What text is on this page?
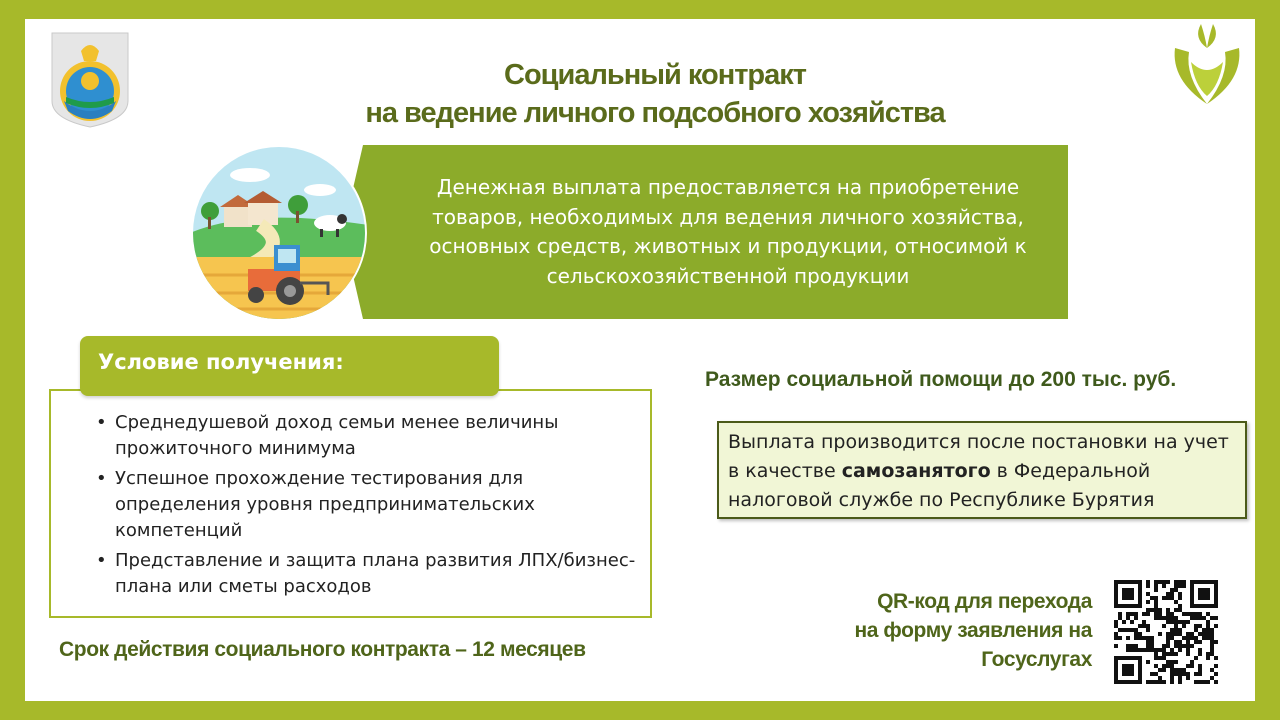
Социальный контракт
на ведение личного подсобного хозяйства
Денежная выплата предоставляется на приобретение товаров, необходимых для ведения личного хозяйства, основных средств, животных и продукции, относимой к сельскохозяйственной продукции
Условие получения:
• Среднедушевой доход семьи менее величины прожиточного минимума
• Успешное прохождение тестирования для определения уровня предпринимательских компетенций
• Представление и защита плана развития ЛПХ/бизнес-плана или сметы расходов
Размер социальной помощи до 200 тыс. руб.

Выплата производится после постановки на учет в качестве самозанятого в Федеральной налоговой службе по Республике Бурятия

Срок действия социального контракта – 12 месяцев
QR-код для перехода
на форму заявления на
Госуслугах
